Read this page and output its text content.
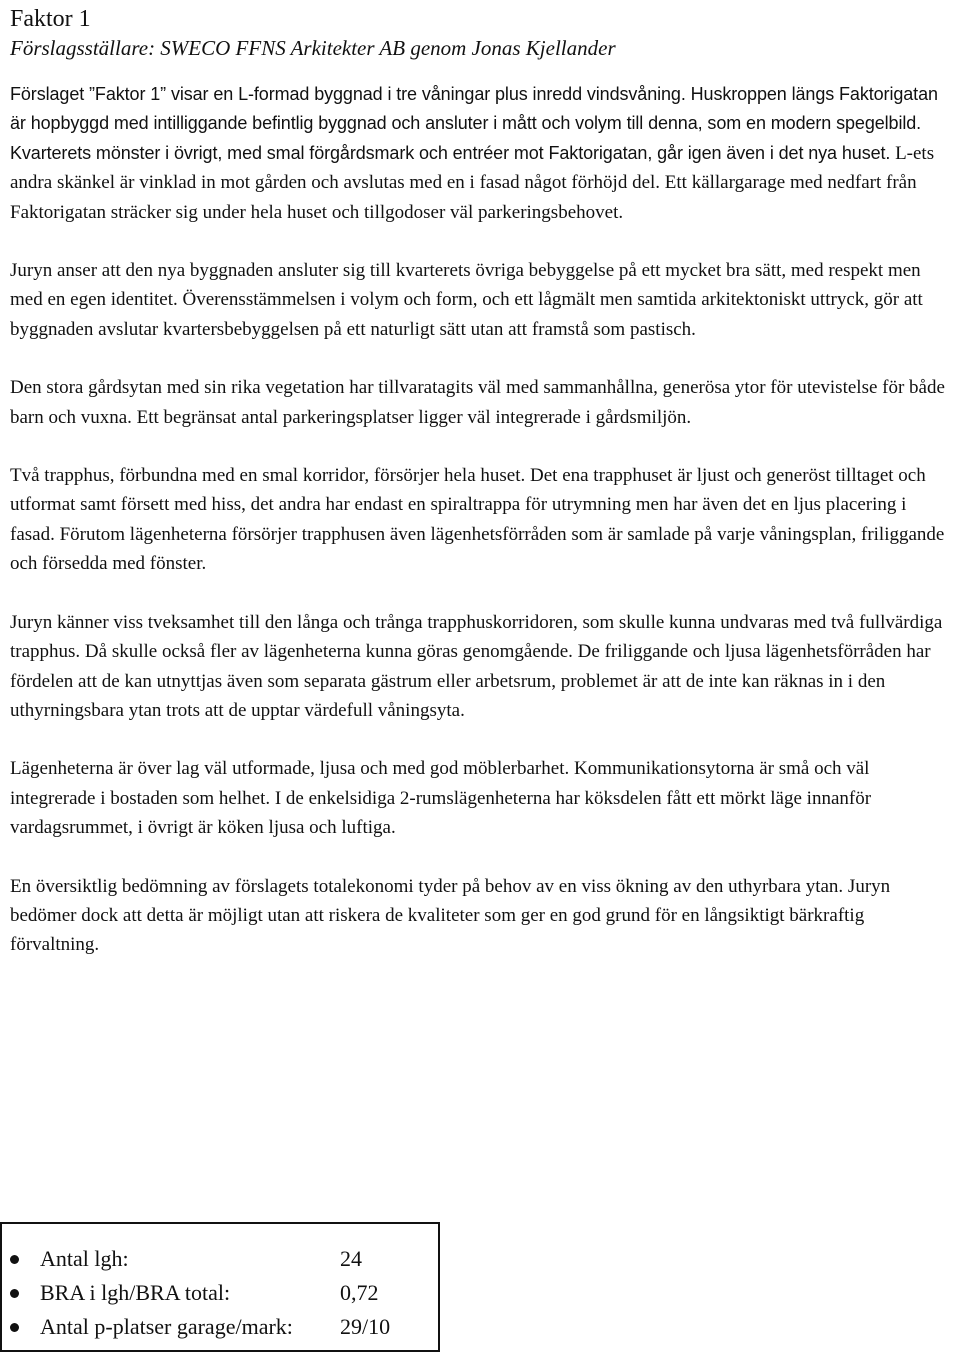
Faktor 1
Förslagsställare: SWECO FFNS Arkitekter AB genom Jonas Kjellander

Förslaget ”Faktor 1” visar en L-formad byggnad i tre våningar plus inredd vindsvåning. Huskroppen längs Faktorigatan är hopbyggd med intilliggande befintlig byggnad och ansluter i mått och volym till denna, som en modern spegelbild. Kvarterets mönster i övrigt, med smal förgårdsmark och entréer mot Faktorigatan, går igen även i det nya huset. L-ets andra skänkel är vinklad in mot gården och avslutas med en i fasad något förhöjd del. Ett källargarage med nedfart från Faktorigatan sträcker sig under hela huset och tillgodoser väl parkeringsbehovet.

Juryn anser att den nya byggnaden ansluter sig till kvarterets övriga bebyggelse på ett mycket bra sätt, med respekt men med en egen identitet. Överensstämmelsen i volym och form, och ett lågmält men samtida arkitektoniskt uttryck, gör att byggnaden avslutar kvartersbebyggelsen på ett naturligt sätt utan att framstå som pastisch.

Den stora gårdsytan med sin rika vegetation har tillvaratagits väl med sammanhållna, generösa ytor för utevistelse för både barn och vuxna. Ett begränsat antal parkeringsplatser ligger väl integrerade i gårdsmiljön.

Två trapphus, förbundna med en smal korridor, försörjer hela huset. Det ena trapphuset är ljust och generöst tilltaget och utformat samt försett med hiss, det andra har endast en spiraltrappa för utrymning men har även det en ljus placering i fasad. Förutom lägenheterna försörjer trapphusen även lägenhetsförråden som är samlade på varje våningsplan, friliggande och försedda med fönster.

Juryn känner viss tveksamhet till den långa och trånga trapphuskorridoren, som skulle kunna undvaras med två fullvärdiga trapphus. Då skulle också fler av lägenheterna kunna göras genomgående. De friliggande och ljusa lägenhetsförråden har fördelen att de kan utnyttjas även som separata gästrum eller arbetsrum, problemet är att de inte kan räknas in i den uthyrningsbara ytan trots att de upptar värdefull våningsyta.

Lägenheterna är över lag väl utformade, ljusa och med god möblerbarhet. Kommunikationsytorna är små och väl integrerade i bostaden som helhet. I de enkelsidiga 2-rumslägenheterna har köksdelen fått ett mörkt läge innanför vardagsrummet, i övrigt är köken ljusa och luftiga.

En översiktlig bedömning av förslagets totalekonomi tyder på behov av en viss ökning av den uthyrbara ytan. Juryn bedömer dock att detta är möjligt utan att riskera de kvaliteter som ger en god grund för en långsiktigt bärkraftig förvaltning.

Antal lgh:	24
BRA i lgh/BRA total:	0,72
Antal p-platser garage/mark:	29/10
